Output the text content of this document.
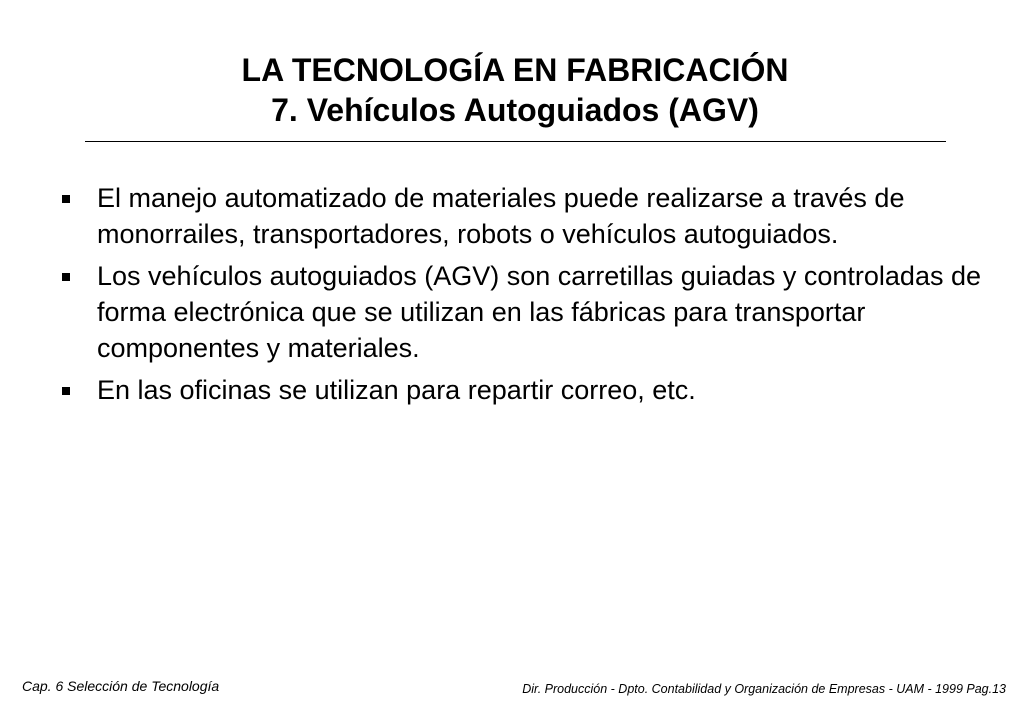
LA TECNOLOGÍA EN FABRICACIÓN
7. Vehículos Autoguiados (AGV)
El manejo automatizado de materiales puede realizarse a través de monorrailes, transportadores, robots o vehículos autoguiados.
Los vehículos autoguiados (AGV) son carretillas guiadas y controladas de forma electrónica que se utilizan en las fábricas para transportar componentes y materiales.
En las oficinas se utilizan para repartir correo, etc.
Cap. 6 Selección de Tecnología	Dir. Producción - Dpto. Contabilidad y Organización de Empresas - UAM - 1999 Pag.13
